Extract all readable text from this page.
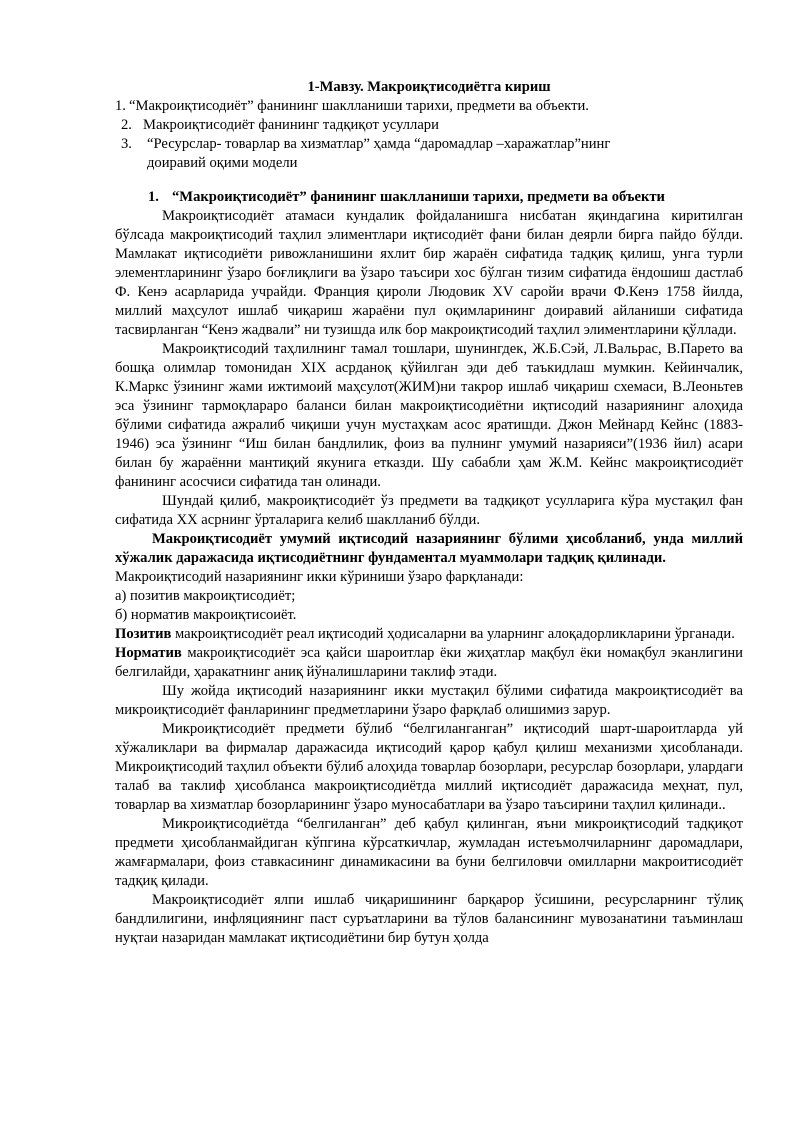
1-Мавзу. Макроиқтисодиётга кириш

1. “Макроиқтисодиёт” фанининг шаклланиши тарихи, предмети ва объекти.
2. Макроиқтисодиёт фанининг тадқиқот усуллари
3.	“Ресурслар- товарлар ва хизматлар” ҳамда “даромадлар –харажатлар”нинг доиравий оқими модели

1. “Макроиқтисодиёт” фанининг шаклланиши тарихи, предмети ва объекти

Макроиқтисодиёт атамаси кундалик фойдаланишга нисбатан яқиндагина киритилган бўлсада макроиқтисодий таҳлил элиментлари иқтисодиёт фани билан деярли бирга пайдо бўлди. Мамлакат иқтисодиёти ривожланишини яхлит бир жараён сифатида тадқиқ қилиш, унга турли элементларининг ўзаро боғлиқлиги ва ўзаро таъсири хос бўлган тизим сифатида ёндошиш дастлаб Ф. Кенэ асарларида учрайди. Франция қироли Людовик XV саройи врачи Ф.Кенэ 1758 йилда, миллий маҳсулот ишлаб чиқариш жараёни пул оқимларининг доиравий айланиши сифатида тасвирланган “Кенэ жадвали” ни тузишда илк бор макроиқтисодий таҳлил элиментларини қўллади.

Макроиқтисодий таҳлилнинг тамал тошлари, шунингдек, Ж.Б.Сэй, Л.Вальрас, В.Парето ва бошқа олимлар томонидан XIX асрданоқ қўйилган эди деб таъкидлаш мумкин. Кейинчалик, К.Маркс ўзининг жами ижтимоий маҳсулот(ЖИМ)ни такрор ишлаб чиқариш схемаси, В.Леоньтев эса ўзининг тармоқлараро баланси билан макроиқтисодиётни иқтисодий назариянинг алоҳида бўлими сифатида ажралиб чиқиши учун мустаҳкам асос яратишди. Джон Мейнард Кейнс (1883- 1946) эса ўзининг “Иш билан бандлилик, фоиз ва пулнинг умумий назарияси”(1936 йил) асари билан бу жараённи мантиқий якунига етказди. Шу сабабли ҳам Ж.М. Кейнс макроиқтисодиёт фанининг асосчиси сифатида тан олинади.

Шундай қилиб, макроиқтисодиёт ўз предмети ва тадқиқот усулларига кўра мустақил фан сифатида XX асрнинг ўрталарига келиб шаклланиб бўлди.

Макроиқтисодиёт умумий иқтисодий назариянинг бўлими ҳисобланиб, унда миллий хўжалик даражасида иқтисодиётнинг фундаментал муаммолари тадқиқ қилинади.

Макроиқтисодий назариянинг икки кўриниши ўзаро фарқланади:

а) позитив макроиқтисодиёт;

б) норматив макроиқтисоиёт.

Позитив макроиқтисодиёт реал иқтисодий ҳодисаларни ва уларнинг алоқадорликларини ўрганади.

Норматив макроиқтисодиёт эса қайси шароитлар ёки жиҳатлар мақбул ёки номақбул эканлигини белгилайди, ҳаракатнинг аниқ йўналишларини таклиф этади.

Шу жойда иқтисодий назариянинг икки мустақил бўлими сифатида макроиқтисодиёт ва микроиқтисодиёт фанларининг предметларини ўзаро фарқлаб олишимиз зарур.

Микроиқтисодиёт предмети бўлиб “белгиланганган” иқтисодий шарт-шароитларда уй хўжаликлари ва фирмалар даражасида иқтисодий қарор қабул қилиш механизми ҳисобланади. Микроиқтисодий таҳлил объекти бўлиб алоҳида товарлар бозорлари, ресурслар бозорлари, улардаги талаб ва таклиф ҳисобланса макроиқтисодиётда миллий иқтисодиёт даражасида меҳнат, пул, товарлар ва хизматлар бозорларининг ўзаро муносабатлари ва ўзаро таъсирини таҳлил қилинади..

Микроиқтисодиётда “белгиланган” деб қабул қилинган, яъни микроиқтисодий тадқиқот предмети ҳисобланмайдиган кўпгина кўрсаткичлар, жумладан истеъмолчиларнинг даромадлари, жамғармалари, фоиз ставкасининг динамикасини ва буни белгиловчи омилларни макроитисодиёт тадқиқ қилади.

Макроиқтисодиёт ялпи ишлаб чиқаришининг барқарор ўсишини, ресурсларнинг тўлиқ бандлилигини, инфляциянинг паст суръатларини ва тўлов балансининг мувозанатини таъминлаш нуқтаи назаридан мамлакат иқтисодиётини бир бутун ҳолда
